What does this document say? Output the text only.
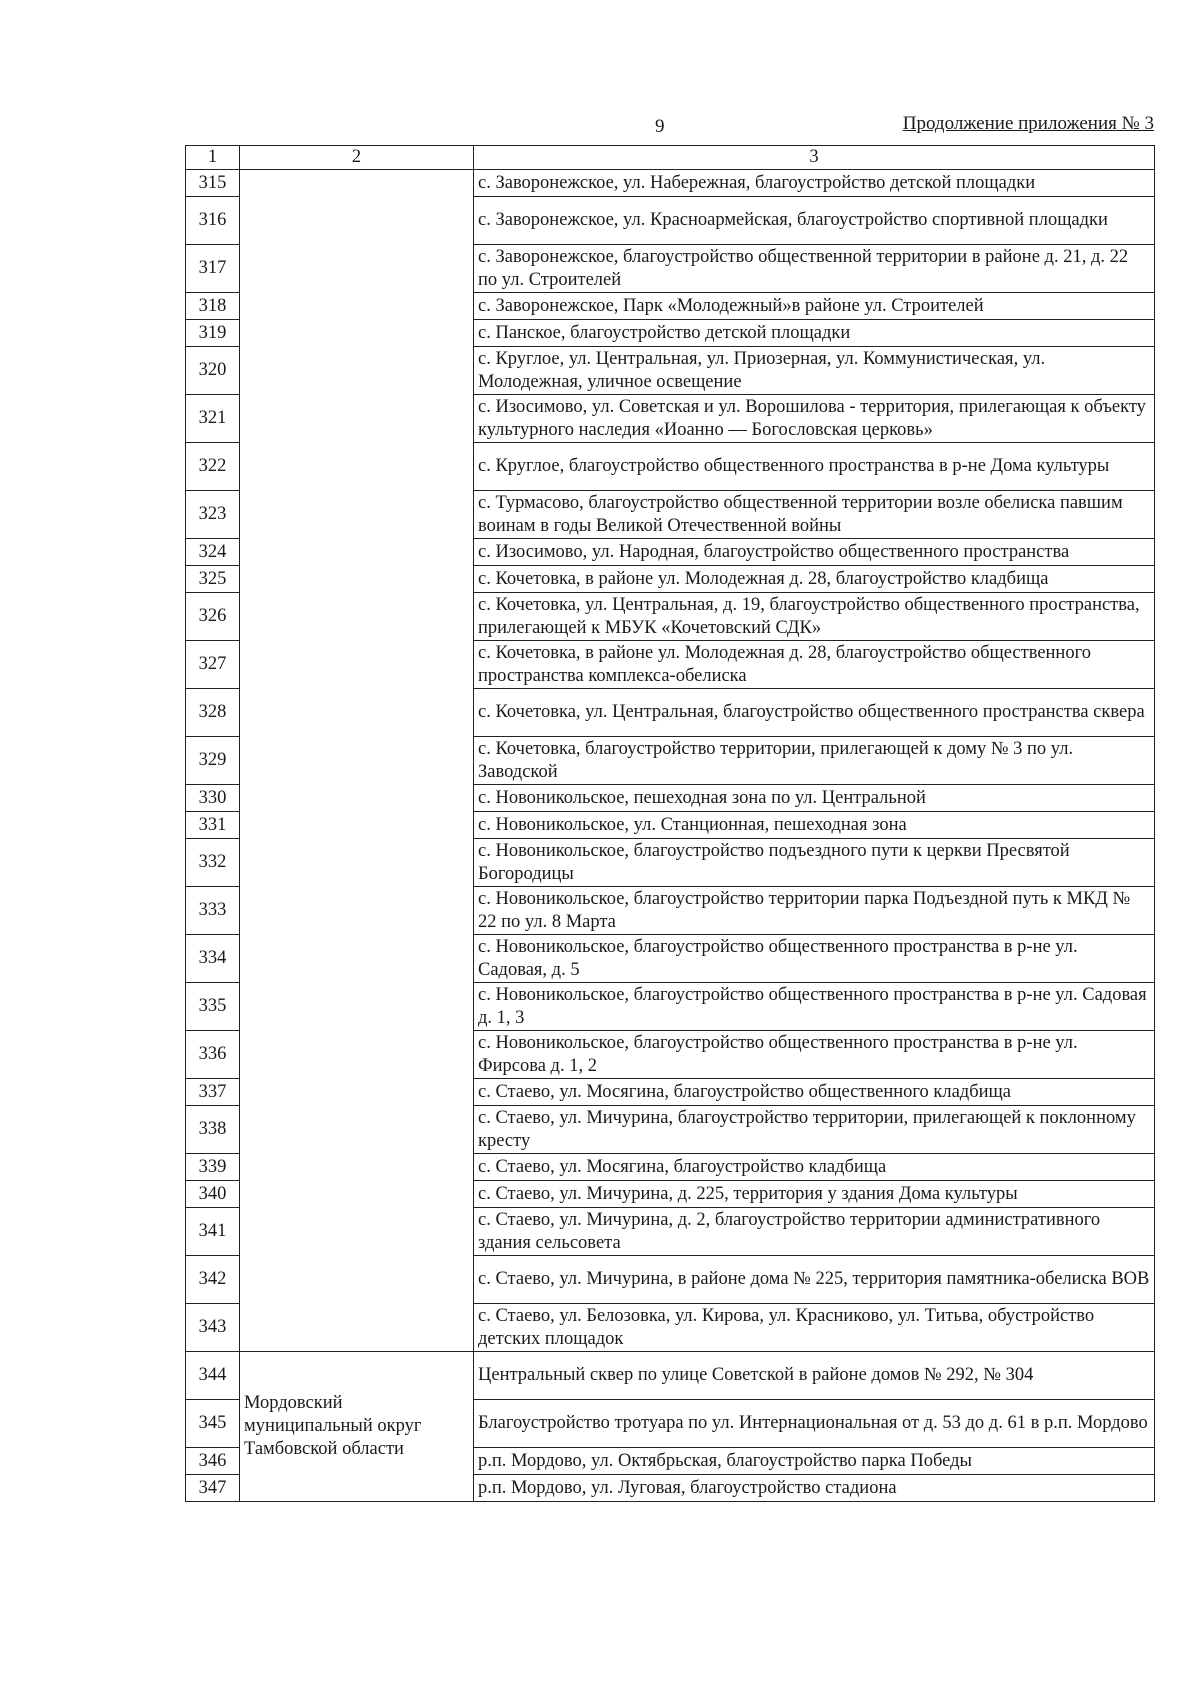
9	Продолжение приложения № 3
1	2	3
315		с. Заворонежское, ул. Набережная, благоустройство детской площадки
316		с. Заворонежское, ул. Красноармейская, благоустройство спортивной площадки
317		с. Заворонежское, благоустройство общественной территории в районе д. 21, д. 22 по ул. Строителей
318		с. Заворонежское, Парк «Молодежный»в районе ул. Строителей
319		с. Панское, благоустройство детской площадки
320		с. Круглое, ул. Центральная, ул. Приозерная, ул. Коммунистическая, ул. Молодежная, уличное освещение
321		с. Изосимово, ул. Советская и ул. Ворошилова - территория, прилегающая к объекту культурного наследия «Иоанно — Богословская церковь»
322		с. Круглое, благоустройство общественного пространства в р-не Дома культуры
323		с. Турмасово, благоустройство общественной территории возле обелиска павшим воинам в годы Великой Отечественной войны
324		с. Изосимово, ул. Народная, благоустройство общественного пространства
325		с. Кочетовка, в районе ул. Молодежная д. 28, благоустройство кладбища
326		с. Кочетовка, ул. Центральная, д. 19, благоустройство общественного пространства, прилегающей к МБУК «Кочетовский СДК»
327		с. Кочетовка, в районе ул. Молодежная д. 28, благоустройство общественного пространства комплекса-обелиска
328		с. Кочетовка, ул. Центральная, благоустройство общественного пространства сквера
329		с. Кочетовка, благоустройство территории, прилегающей к дому № 3 по ул. Заводской
330		с. Новоникольское, пешеходная зона по ул. Центральной
331		с. Новоникольское, ул. Станционная, пешеходная зона
332		с. Новоникольское, благоустройство подъездного пути к церкви Пресвятой Богородицы
333		с. Новоникольское, благоустройство территории парка Подъездной путь к МКД № 22 по ул. 8 Марта
334		с. Новоникольское, благоустройство общественного пространства в р-не ул. Садовая, д. 5
335		с. Новоникольское, благоустройство общественного пространства в р-не ул. Садовая д. 1, 3
336		с. Новоникольское, благоустройство общественного пространства в р-не ул. Фирсова д. 1, 2
337		с. Стаево, ул. Мосягина, благоустройство общественного кладбища
338		с. Стаево, ул. Мичурина, благоустройство территории, прилегающей к поклонному кресту
339		с. Стаево, ул. Мосягина, благоустройство кладбища
340		с. Стаево, ул. Мичурина, д. 225, территория у здания Дома культуры
341		с. Стаево, ул. Мичурина, д. 2, благоустройство территории административного здания сельсовета
342		с. Стаево, ул. Мичурина, в районе дома № 225, территория памятника-обелиска ВОВ
343		с. Стаево, ул. Белозовка, ул. Кирова, ул. Красниково, ул. Титьва, обустройство детских площадок
344	Мордовский муниципальный округ Тамбовской области	Центральный сквер по улице Советской в районе домов № 292, № 304
345		Благоустройство тротуара по ул. Интернациональная от д. 53 до д. 61 в р.п. Мордово
346		р.п. Мордово, ул. Октябрьская, благоустройство парка Победы
347		р.п. Мордово, ул. Луговая, благоустройство стадиона
